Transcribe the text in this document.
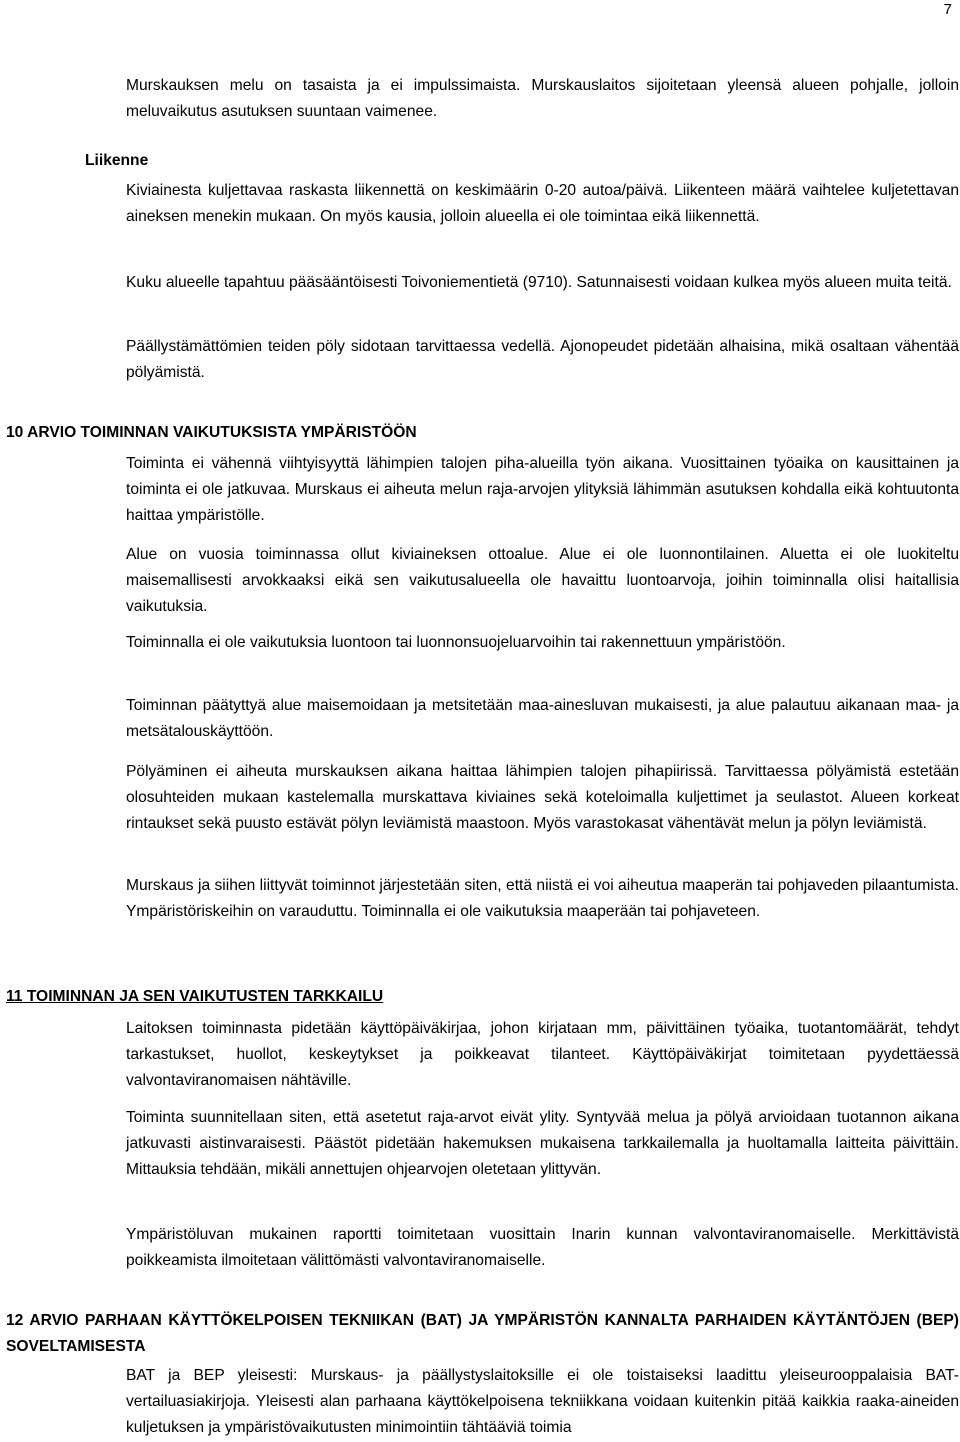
7

Murskauksen melu on tasaista ja ei impulssimaista. Murskauslaitos sijoitetaan yleensä alueen pohjalle, jolloin meluvaikutus asutuksen suuntaan vaimenee.

Liikenne

Kiviainesta kuljettavaa raskasta liikennettä on keskimäärin 0-20 autoa/päivä. Liikenteen määrä vaihtelee kuljetettavan aineksen menekin mukaan. On myös kausia, jolloin alueella ei ole toimintaa eikä liikennettä.

Kuku alueelle tapahtuu pääsääntöisesti Toivoniementietä (9710). Satunnaisesti voidaan kulkea myös alueen muita teitä.

Päällystämättömien teiden pöly sidotaan tarvittaessa vedellä. Ajonopeudet pidetään alhaisina, mikä osaltaan vähentää pölyämistä.

10 ARVIO TOIMINNAN VAIKUTUKSISTA YMPÄRISTÖÖN

Toiminta ei vähennä viihtyisyyttä lähimpien talojen piha-alueilla työn aikana. Vuosittainen työaika on kausittainen ja toiminta ei ole jatkuvaa. Murskaus ei aiheuta melun raja-arvojen ylityksiä lähimmän asutuksen kohdalla eikä kohtuutonta haittaa ympäristölle.

Alue on vuosia toiminnassa ollut kiviaineksen ottoalue. Alue ei ole luonnontilainen. Aluetta ei ole luokiteltu maisemallisesti arvokkaaksi eikä sen vaikutusalueella ole havaittu luontoarvoja, joihin toiminnalla olisi haitallisia vaikutuksia.

Toiminnalla ei ole vaikutuksia luontoon tai luonnonsuojeluarvoihin tai rakennettuun ympäristöön.

Toiminnan päätyttyä alue maisemoidaan ja metsitetään maa-ainesluvan mukaisesti, ja alue palautuu aikanaan maa- ja metsätalouskäyttöön.

Pölyäminen ei aiheuta murskauksen aikana haittaa lähimpien talojen pihapiirissä. Tarvittaessa pölyämistä estetään olosuhteiden mukaan kastelemalla murskattava kiviaines sekä koteloimalla kuljettimet ja seulastot. Alueen korkeat rintaukset sekä puusto estävät pölyn leviämistä maastoon. Myös varastokasat vähentävät melun ja pölyn leviämistä.

Murskaus ja siihen liittyvät toiminnot järjestetään siten, että niistä ei voi aiheutua maaperän tai pohjaveden pilaantumista. Ympäristöriskeihin on varauduttu. Toiminnalla ei ole vaikutuksia maaperään tai pohjaveteen.

11 TOIMINNAN JA SEN VAIKUTUSTEN TARKKAILU

Laitoksen toiminnasta pidetään käyttöpäiväkirjaa, johon kirjataan mm, päivittäinen työaika, tuotantomäärät, tehdyt tarkastukset, huollot, keskeytykset ja poikkeavat tilanteet. Käyttöpäiväkirjat toimitetaan pyydettäessä valvontaviranomaisen nähtäville.

Toiminta suunnitellaan siten, että asetetut raja-arvot eivät ylity. Syntyvää melua ja pölyä arvioidaan tuotannon aikana jatkuvasti aistinvaraisesti. Päästöt pidetään hakemuksen mukaisena tarkkailemalla ja huoltamalla laitteita päivittäin. Mittauksia tehdään, mikäli annettujen ohjearvojen oletetaan ylittyvän.

Ympäristöluvan mukainen raportti toimitetaan vuosittain Inarin kunnan valvontaviranomaiselle. Merkittävistä poikkeamista ilmoitetaan välittömästi valvontaviranomaiselle.

12 ARVIO PARHAAN KÄYTTÖKELPOISEN TEKNIIKAN (BAT) JA YMPÄRISTÖN KANNALTA PARHAIDEN KÄYTÄNTÖJEN (BEP) SOVELTAMISESTA

BAT ja BEP yleisesti: Murskaus- ja päällystyslaitoksille ei ole toistaiseksi laadittu yleiseurooppalaisia BAT-vertailuasiakirjoja. Yleisesti alan parhaana käyttökelpoisena tekniikkana voidaan kuitenkin pitää kaikkia raaka-aineiden kuljetuksen ja ympäristövaikutusten minimointiin tähtääviä toimia
